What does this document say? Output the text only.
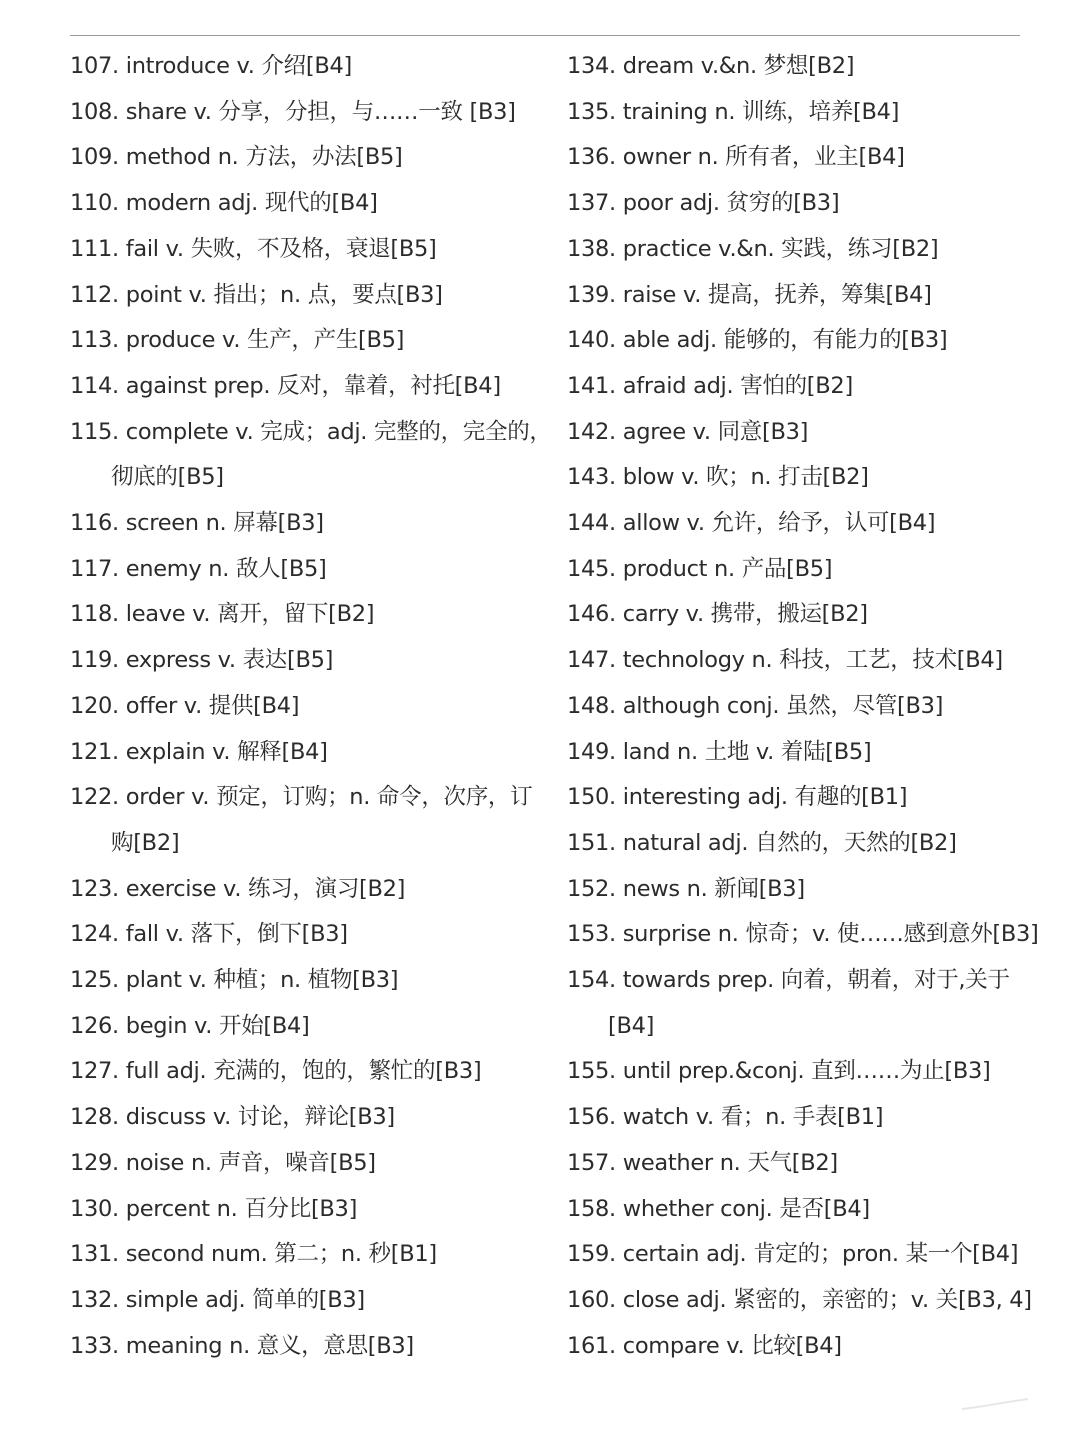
107. introduce v. 介绍[B4]
108. share v. 分享，分担，与……一致 [B3]
109. method n. 方法，办法[B5]
110. modern adj. 现代的[B4]
111. fail v. 失败，不及格，衰退[B5]
112. point v. 指出；n. 点，要点[B3]
113. produce v. 生产，产生[B5]
114. against prep. 反对，靠着，衬托[B4]
115. complete v. 完成；adj. 完整的，完全的，
彻底的[B5]
116. screen n. 屏幕[B3]
117. enemy n. 敌人[B5]
118. leave v. 离开，留下[B2]
119. express v. 表达[B5]
120. offer v. 提供[B4]
121. explain v. 解释[B4]
122. order v. 预定，订购；n. 命令，次序，订
购[B2]
123. exercise v. 练习，演习[B2]
124. fall v. 落下，倒下[B3]
125. plant v. 种植；n. 植物[B3]
126. begin v. 开始[B4]
127. full adj. 充满的，饱的，繁忙的[B3]
128. discuss v. 讨论，辩论[B3]
129. noise n. 声音，噪音[B5]
130. percent n. 百分比[B3]
131. second num. 第二；n. 秒[B1]
132. simple adj. 简单的[B3]
133. meaning n. 意义，意思[B3]
134. dream v.&n. 梦想[B2]
135. training n. 训练，培养[B4]
136. owner n. 所有者，业主[B4]
137. poor adj. 贫穷的[B3]
138. practice v.&n. 实践，练习[B2]
139. raise v. 提高，抚养，筹集[B4]
140. able adj. 能够的，有能力的[B3]
141. afraid adj. 害怕的[B2]
142. agree v. 同意[B3]
143. blow v. 吹；n. 打击[B2]
144. allow v. 允许，给予，认可[B4]
145. product n. 产品[B5]
146. carry v. 携带，搬运[B2]
147. technology n. 科技，工艺，技术[B4]
148. although conj. 虽然，尽管[B3]
149. land n. 土地 v. 着陆[B5]
150. interesting adj. 有趣的[B1]
151. natural adj. 自然的，天然的[B2]
152. news n. 新闻[B3]
153. surprise n. 惊奇；v. 使……感到意外[B3]
154. towards prep. 向着，朝着，对于,关于
[B4]
155. until prep.&conj. 直到……为止[B3]
156. watch v. 看；n. 手表[B1]
157. weather n. 天气[B2]
158. whether conj. 是否[B4]
159. certain adj. 肯定的；pron. 某一个[B4]
160. close adj. 紧密的，亲密的；v. 关[B3, 4]
161. compare v. 比较[B4]
